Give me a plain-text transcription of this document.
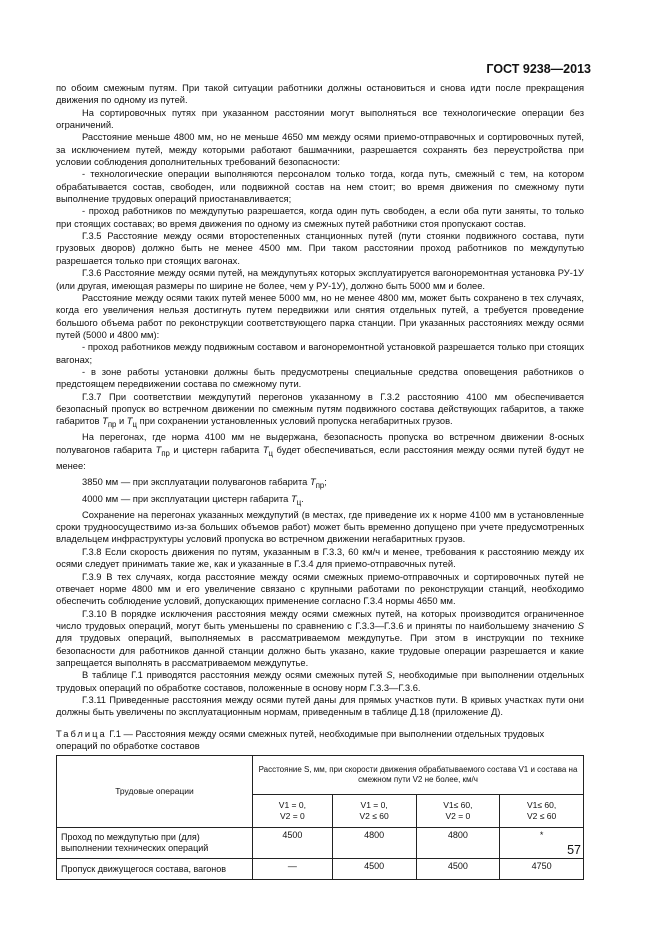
ГОСТ 9238—2013

по обоим смежным путям. При такой ситуации работники должны остановиться и снова идти после прекращения движения по одному из путей.

На сортировочных путях при указанном расстоянии могут выполняться все технологические операции без ограничений.

Расстояние меньше 4800 мм, но не меньше 4650 мм между осями приемо-отправочных и сортировочных путей, за исключением путей, между которыми работают башмачники, разрешается сохранять без переустройства при условии соблюдения дополнительных требований безопасности:

- технологические операции выполняются персоналом только тогда, когда путь, смежный с тем, на котором обрабатывается состав, свободен, или подвижной состав на нем стоит; во время движения по смежному пути выполнение трудовых операций приостанавливается;

- проход работников по междупутью разрешается, когда один путь свободен, а если оба пути заняты, то только при стоящих составах; во время движения по одному из смежных путей работники стоя пропускают состав.

Г.3.5 Расстояние между осями второстепенных станционных путей (пути стоянки подвижного состава, пути грузовых дворов) должно быть не менее 4500 мм. При таком расстоянии проход работников по междупутью разрешается только при стоящих вагонах.

Г.3.6 Расстояние между осями путей, на междупутьях которых эксплуатируется вагоноремонтная установка РУ-1У (или другая, имеющая размеры по ширине не более, чем у РУ-1У), должно быть 5000 мм и более.

Расстояние между осями таких путей менее 5000 мм, но не менее 4800 мм, может быть сохранено в тех случаях, когда его увеличения нельзя достигнуть путем передвижки или снятия отдельных путей, а требуется проведение большого объема работ по реконструкции соответствующего парка станции. При указанных расстояниях между осями путей (5000 и 4800 мм):

- проход работников между подвижным составом и вагоноремонтной установкой разрешается только при стоящих вагонах;

- в зоне работы установки должны быть предусмотрены специальные средства оповещения работников о предстоящем передвижении состава по смежному пути.

Г.3.7 При соответствии междупутий перегонов указанному в Г.3.2 расстоянию 4100 мм обеспечивается безопасный пропуск во встречном движении по смежным путям подвижного состава действующих габаритов, а также габаритов $T_{пр}$ и $T_ц$ при сохранении установленных условий пропуска негабаритных грузов.

На перегонах, где норма 4100 мм не выдержана, безопасность пропуска во встречном движении 8-осных полувагонов габарита $T_{пр}$ и цистерн габарита $T_ц$ будет обеспечиваться, если расстояния между осями путей будут не менее:

3850 мм — при эксплуатации полувагонов габарита $T_{пр}$;

4000 мм — при эксплуатации цистерн габарита $T_ц$.

Сохранение на перегонах указанных междупутий (в местах, где приведение их к норме 4100 мм в установленные сроки трудноосуществимо из-за больших объемов работ) может быть временно допущено при учете предусмотренных владельцем инфраструктуры условий пропуска во встречном движении негабаритных грузов.

Г.3.8 Если скорость движения по путям, указанным в Г.3.3, 60 км/ч и менее, требования к расстоянию между их осями следует принимать такие же, как и указанные в Г.3.4 для приемо-отправочных путей.

Г.3.9 В тех случаях, когда расстояние между осями смежных приемо-отправочных и сортировочных путей не отвечает норме 4800 мм и его увеличение связано с крупными работами по реконструкции станций, необходимо обеспечить соблюдение условий, допускающих применение согласно Г.3.4 нормы 4650 мм.

Г.3.10 В порядке исключения расстояния между осями смежных путей, на которых производится ограниченное число трудовых операций, могут быть уменьшены по сравнению с Г.3.3—Г.3.6 и приняты по наибольшему значению S для трудовых операций, выполняемых в рассматриваемом междупутье. При этом в инструкции по технике безопасности для работников данной станции должно быть указано, какие трудовые операции разрешается и какие запрещается выполнять в рассматриваемом междупутье.

В таблице Г.1 приводятся расстояния между осями смежных путей S, необходимые при выполнении отдельных трудовых операций по обработке составов, положенные в основу норм Г.3.3—Г.3.6.

Г.3.11 Приведенные расстояния между осями путей даны для прямых участков пути. В кривых участках пути они должны быть увеличены по эксплуатационным нормам, приведенным в таблице Д.18 (приложение Д).

Таблица Г.1 — Расстояния между осями смежных путей, необходимые при выполнении отдельных трудовых операций по обработке составов

Трудовые операции	Расстояние S, мм, при скорости движения обрабатываемого состава V1 и состава на смежном пути V2 не более, км/ч			
	V1 = 0,
V2 = 0	V1 = 0,
V2 ≤ 60	V1≤ 60,
V2 = 0	V1≤ 60,
V2 ≤ 60
Проход по междупутью при (для) выполнении технических операций	4500	4800	4800	*
Пропуск движущегося состава, вагонов	—	4500	4500	4750
57
